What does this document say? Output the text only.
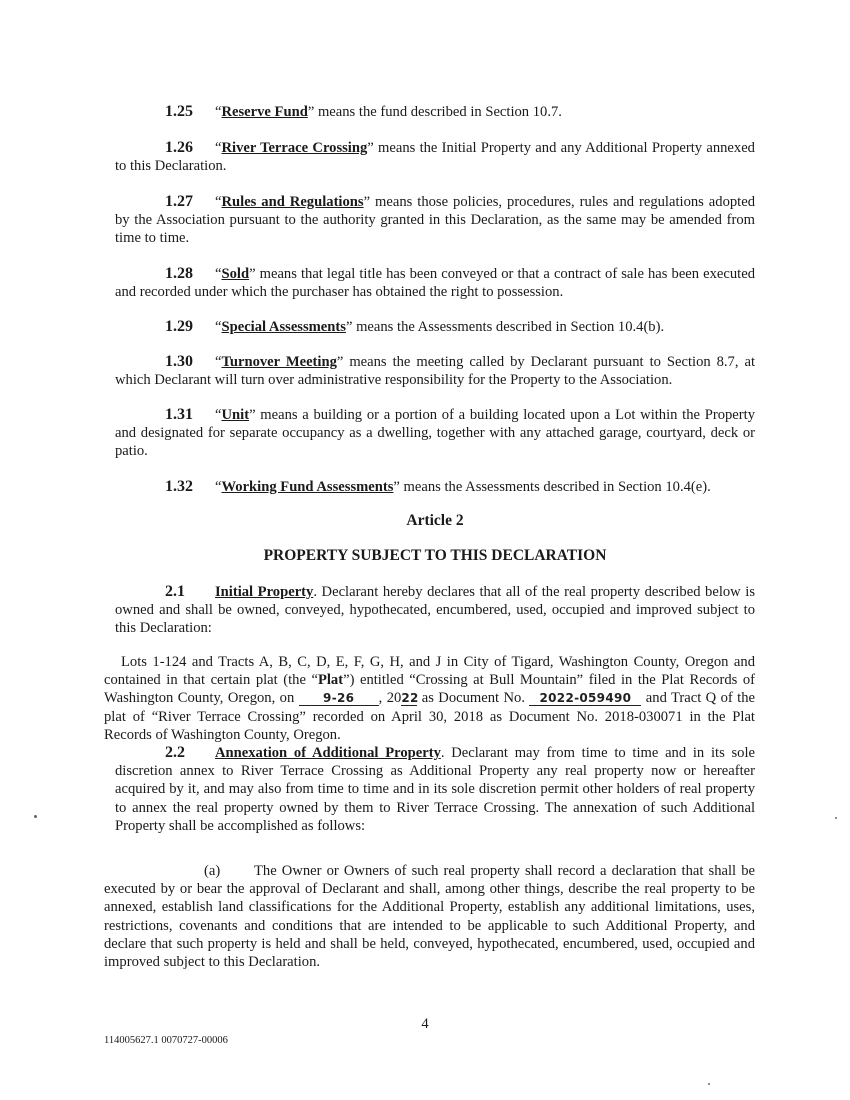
1.25 “Reserve Fund” means the fund described in Section 10.7.
1.26 “River Terrace Crossing” means the Initial Property and any Additional Property annexed to this Declaration.
1.27 “Rules and Regulations” means those policies, procedures, rules and regulations adopted by the Association pursuant to the authority granted in this Declaration, as the same may be amended from time to time.
1.28 “Sold” means that legal title has been conveyed or that a contract of sale has been executed and recorded under which the purchaser has obtained the right to possession.
1.29 “Special Assessments” means the Assessments described in Section 10.4(b).
1.30 “Turnover Meeting” means the meeting called by Declarant pursuant to Section 8.7, at which Declarant will turn over administrative responsibility for the Property to the Association.
1.31 “Unit” means a building or a portion of a building located upon a Lot within the Property and designated for separate occupancy as a dwelling, together with any attached garage, courtyard, deck or patio.
1.32 “Working Fund Assessments” means the Assessments described in Section 10.4(e).
Article 2
PROPERTY SUBJECT TO THIS DECLARATION
2.1 Initial Property. Declarant hereby declares that all of the real property described below is owned and shall be owned, conveyed, hypothecated, encumbered, used, occupied and improved subject to this Declaration:
Lots 1-124 and Tracts A, B, C, D, E, F, G, H, and J in City of Tigard, Washington County, Oregon and contained in that certain plat (the “Plat”) entitled “Crossing at Bull Mountain” filed in the Plat Records of Washington County, Oregon, on 9-26 , 2022 as Document No. 2022-059490 and Tract Q of the plat of “River Terrace Crossing” recorded on April 30, 2018 as Document No. 2018-030071 in the Plat Records of Washington County, Oregon.
2.2 Annexation of Additional Property. Declarant may from time to time and in its sole discretion annex to River Terrace Crossing as Additional Property any real property now or hereafter acquired by it, and may also from time to time and in its sole discretion permit other holders of real property to annex the real property owned by them to River Terrace Crossing. The annexation of such Additional Property shall be accomplished as follows:
(a) The Owner or Owners of such real property shall record a declaration that shall be executed by or bear the approval of Declarant and shall, among other things, describe the real property to be annexed, establish land classifications for the Additional Property, establish any additional limitations, uses, restrictions, covenants and conditions that are intended to be applicable to such Additional Property, and declare that such property is held and shall be held, conveyed, hypothecated, encumbered, used, occupied and improved subject to this Declaration.
4
114005627.1 0070727-00006
